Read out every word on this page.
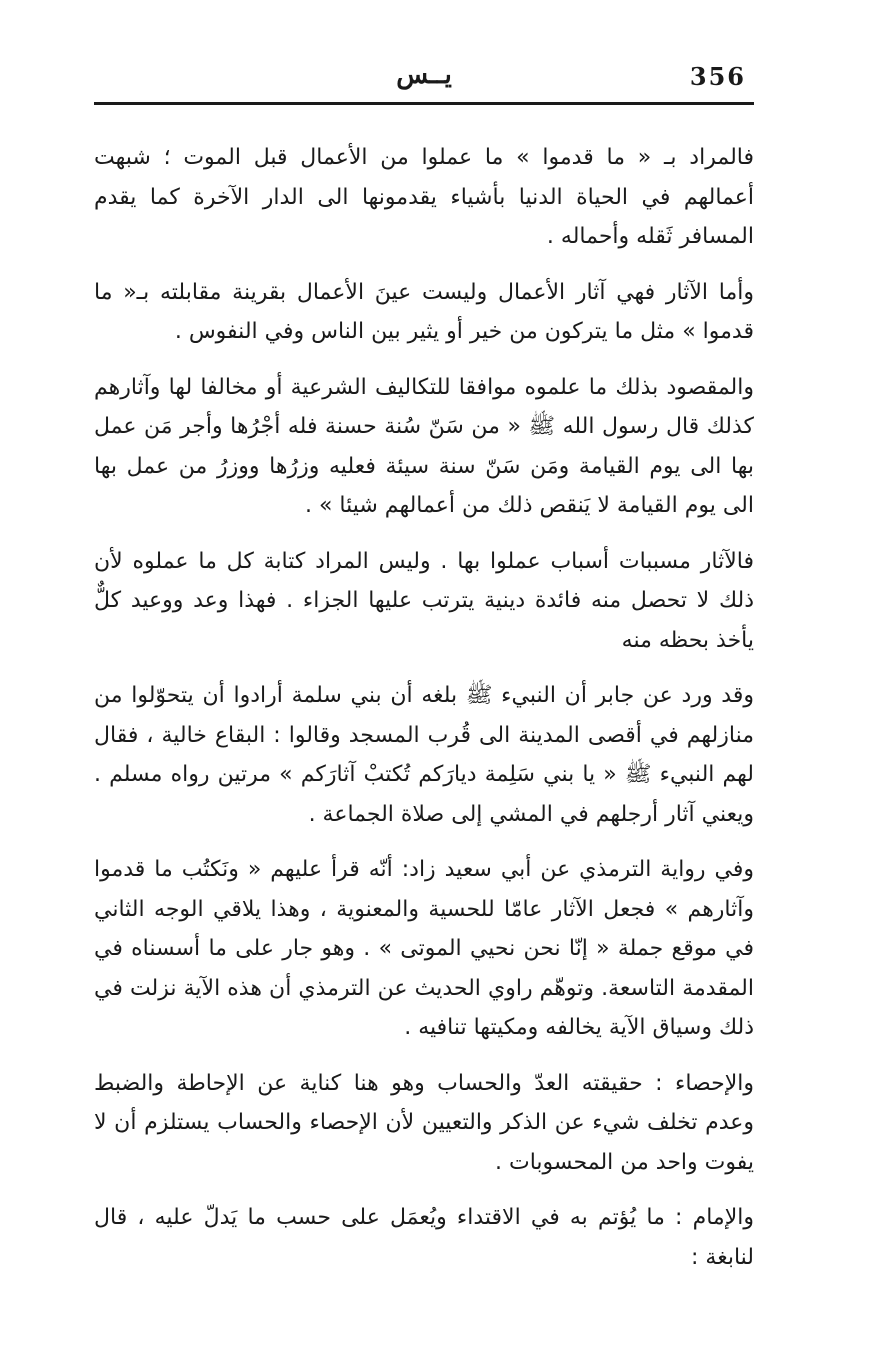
يــس	356

فالمراد بـ « ما قدموا » ما عملوا من الأعمال قبل الموت ؛ شبهت أعمالهم في الحياة الدنيا بأشياء يقدمونها الى الدار الآخرة كما يقدم المسافر ثَقله وأحماله .

وأما الآثار فهي آثار الأعمال وليست عينَ الأعمال بقرينة مقابلته بـ« ما قدموا » مثل ما يتركون من خير أو يثير بين الناس وفي النفوس .

والمقصود بذلك ما علموه موافقا للتكاليف الشرعية أو مخالفا لها وآثارهم كذلك قال رسول الله ﷺ « من سَنّ سُنة حسنة فله أجْرُها وأجر مَن عمل بها الى يوم القيامة ومَن سَنّ سنة سيئة فعليه وزرُها ووزرُ من عمل بها الى يوم القيامة لا يَنقص ذلك من أعمالهم شيئا » .

فالآثار مسببات أسباب عملوا بها . وليس المراد كتابة كل ما عملوه لأن ذلك لا تحصل منه فائدة دينية يترتب عليها الجزاء . فهذا وعد ووعيد كلٌّ يأخذ بحظه منه

وقد ورد عن جابر أن النبيء ﷺ بلغه أن بني سلمة أرادوا أن يتحوّلوا من منازلهم في أقصى المدينة الى قُرب المسجد وقالوا : البقاع خالية ، فقال لهم النبيء ﷺ « يا بني سَلِمة ديارَكم تُكتبْ آثارَكم » مرتين رواه مسلم . ويعني آثار أرجلهم في المشي إلى صلاة الجماعة .

وفي رواية الترمذي عن أبي سعيد زاد: أنّه قرأ عليهم « ونَكتُب ما قدموا وآثارهم » فجعل الآثار عامّا للحسية والمعنوية ، وهذا يلاقي الوجه الثاني في موقع جملة « إنّا نحن نحيي الموتى » . وهو جار على ما أسسناه في المقدمة التاسعة. وتوهّم راوي الحديث عن الترمذي أن هذه الآية نزلت في ذلك وسياق الآية يخالفه ومكيتها تنافيه .

والإحصاء : حقيقته العدّ والحساب وهو هنا كناية عن الإحاطة والضبط وعدم تخلف شيء عن الذكر والتعيين لأن الإحصاء والحساب يستلزم أن لا يفوت واحد من المحسوبات .

والإمام : ما يُؤتم به في الاقتداء ويُعمَل على حسب ما يَدلّ عليه ، قال لنابغة :
